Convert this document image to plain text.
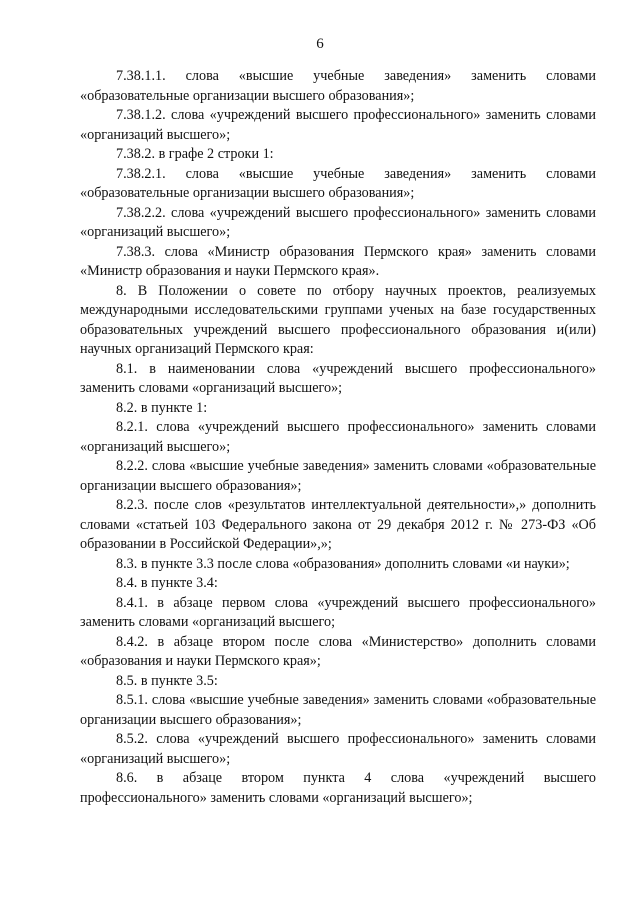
6

7.38.1.1. слова «высшие учебные заведения» заменить словами «образовательные организации высшего образования»;

7.38.1.2. слова «учреждений высшего профессионального» заменить словами «организаций высшего»;

7.38.2. в графе 2 строки 1:

7.38.2.1. слова «высшие учебные заведения» заменить словами «образовательные организации высшего образования»;

7.38.2.2. слова «учреждений высшего профессионального» заменить словами «организаций высшего»;

7.38.3. слова «Министр образования Пермского края» заменить словами «Министр образования и науки Пермского края».

8. В Положении о совете по отбору научных проектов, реализуемых международными исследовательскими группами ученых на базе государственных образовательных учреждений высшего профессионального образования и(или) научных организаций Пермского края:

8.1. в наименовании слова «учреждений высшего профессионального» заменить словами «организаций высшего»;

8.2. в пункте 1:

8.2.1. слова «учреждений высшего профессионального» заменить словами «организаций высшего»;

8.2.2. слова «высшие учебные заведения» заменить словами «образовательные организации высшего образования»;

8.2.3. после слов «результатов интеллектуальной деятельности»,» дополнить словами «статьей 103 Федерального закона от 29 декабря 2012 г. № 273-ФЗ «Об образовании в Российской Федерации»,»;

8.3. в пункте 3.3 после слова «образования» дополнить словами «и науки»;

8.4. в пункте 3.4:

8.4.1. в абзаце первом слова «учреждений высшего профессионального» заменить словами «организаций высшего;

8.4.2. в абзаце втором после слова «Министерство» дополнить словами «образования и науки Пермского края»;

8.5. в пункте 3.5:

8.5.1. слова «высшие учебные заведения» заменить словами «образовательные организации высшего образования»;

8.5.2. слова «учреждений высшего профессионального» заменить словами «организаций высшего»;

8.6. в абзаце втором пункта 4 слова «учреждений высшего профессионального» заменить словами «организаций высшего»;
